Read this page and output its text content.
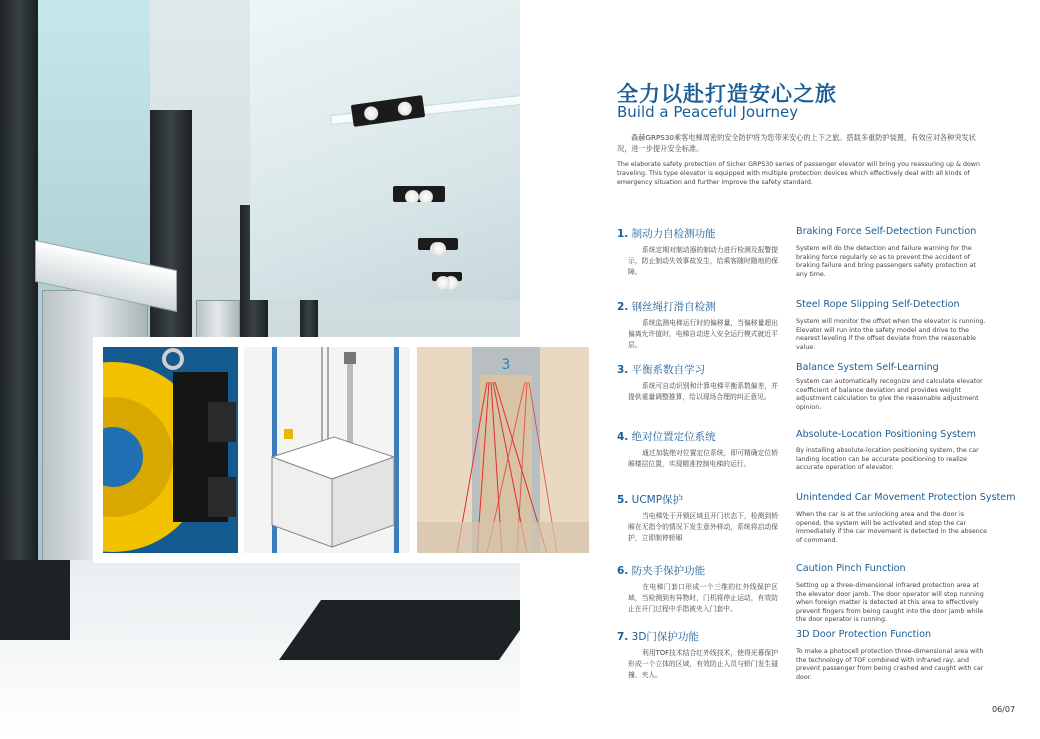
3
全力以赴打造安心之旅
Build a Peaceful Journey
森赫GRPS30乘客电梯周密的安全防护将为您带来安心的上下之旅。搭载多重防护装置，有效应对各种突发状况，进一步提升安全标准。
The elaborate safety protection of Sicher GRPS30 series of passenger elevator will bring you reassuring up & down traveling. This type elevator is equipped with multiple protection devices which effectively deal with all kinds of emergency situation and further improve the safety standard.
1. 制动力自检测功能
系统定期对制动器的制动力进行检测及报警提示，防止制动失效事故发生，给乘客随时随地的保障。
Braking Force Self-Detection Function
System will do the detection and failure warning for the braking force regularly so as to prevent the accident of braking failure and bring passengers safety protection at any time.
2. 钢丝绳打滑自检测
系统监测电梯运行时的偏移量，当偏移量超出偏离允许值时，电梯自动进入安全运行模式就近平层。
Steel Rope Slipping Self-Detection
System will monitor the offset when the elevator is running. Elevator will run into the safety model and drive to the nearest leveling if the offset deviate from the reasonable value.
3. 平衡系数自学习
系统可自动识别和计算电梯平衡系数偏差，并提供重量调整推算，给以现场合理的纠正意见。
Balance System Self-Learning
System can automatically recognize and calculate elevator coefficient of balance deviation and provides weight adjustment calculation to give the reasonable adjustment opinion.
4. 绝对位置定位系统
通过加装绝对位置定位系统，即可精确定位轿厢楼层位置，实现精准控制电梯的运行。
Absolute-Location Positioning System
By installing absolute-location positioning system, the car landing location can be accurate positioning to realize accurate operation of elevator.
5. UCMP保护
当电梯处于开锁区域且开门状态下，检测到轿厢在无指令的情况下发生意外移动，系统将启动保护，立即制停轿厢
Unintended Car Movement Protection System
When the car is at the unlocking area and the door is opened, the system will be activated and stop the car immediately if the car movement is detected in the absence of command.
6. 防夹手保护功能
在电梯门套口形成一个三维的红外线保护区域，当检测到有异物时，门机将停止运动，有效防止在开门过程中手指被夹入门套中。
Caution Pinch Function
Setting up a three-dimensional infrared protection area at the elevator door jamb. The door operator will stop running when foreign matter is detected at this area to effectively prevent fingers from being caught into the door jamb while the door operator is running.
7. 3D门保护功能
利用TOF技术结合红外线技术，使得光幕保护形成一个立体的区域，有效防止人员与轿门发生碰撞、夹人。
3D Door Protection Function
To make a photocell protection three-dimensional area with the technology of TOF combined with infrared ray, and prevent passenger from being crashed and caught with car door.
06/07
